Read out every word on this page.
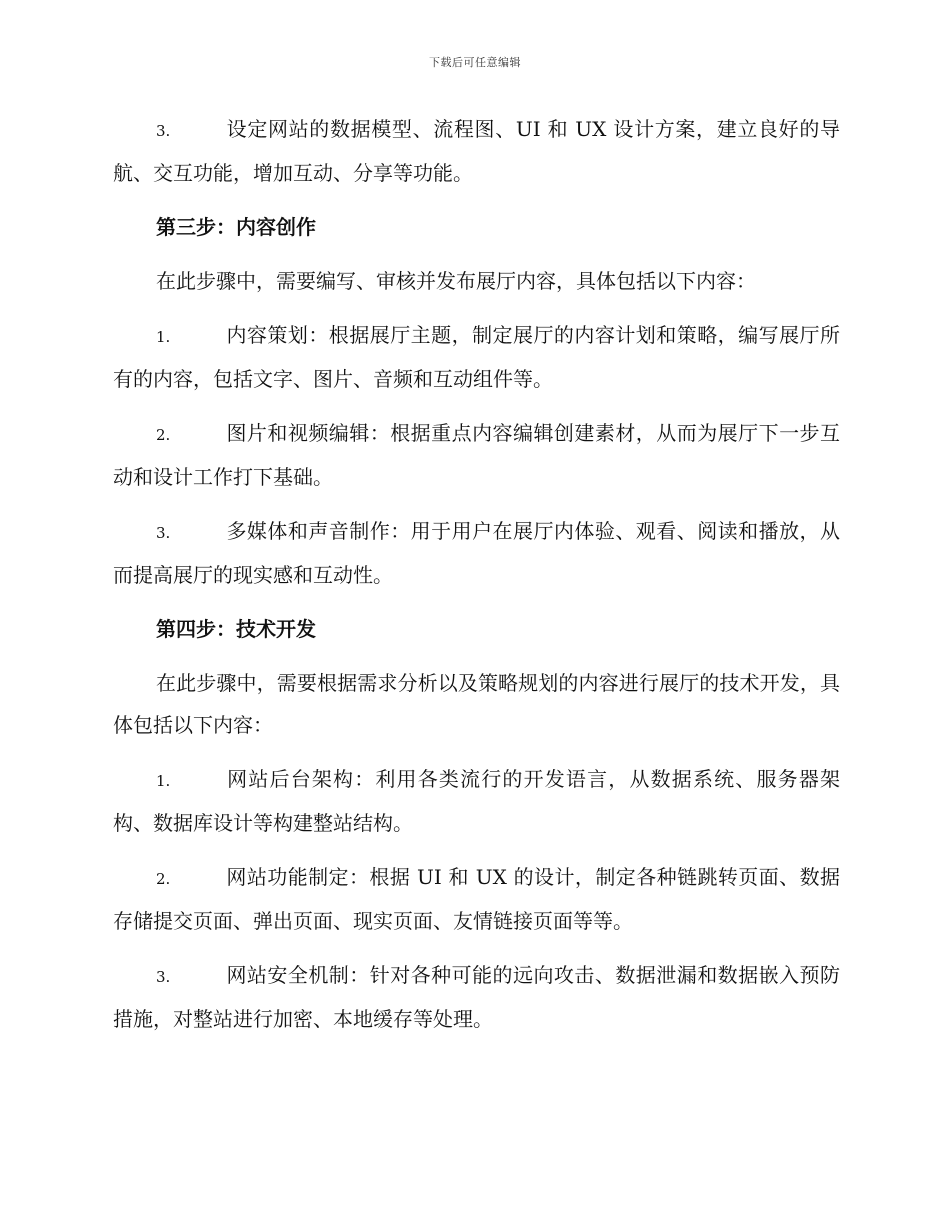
下载后可任意编辑

3.	设定网站的数据模型、流程图、UI 和 UX 设计方案，建立良好的导航、交互功能，增加互动、分享等功能。

第三步：内容创作

在此步骤中，需要编写、审核并发布展厅内容，具体包括以下内容：

1.	内容策划：根据展厅主题，制定展厅的内容计划和策略，编写展厅所有的内容，包括文字、图片、音频和互动组件等。

2.	图片和视频编辑：根据重点内容编辑创建素材，从而为展厅下一步互动和设计工作打下基础。

3.	多媒体和声音制作：用于用户在展厅内体验、观看、阅读和播放，从而提高展厅的现实感和互动性。

第四步：技术开发

在此步骤中，需要根据需求分析以及策略规划的内容进行展厅的技术开发，具体包括以下内容：

1.	网站后台架构：利用各类流行的开发语言，从数据系统、服务器架构、数据库设计等构建整站结构。

2.	网站功能制定：根据 UI 和 UX 的设计，制定各种链跳转页面、数据存储提交页面、弹出页面、现实页面、友情链接页面等等。

3.	网站安全机制：针对各种可能的远向攻击、数据泄漏和数据嵌入预防措施，对整站进行加密、本地缓存等处理。
